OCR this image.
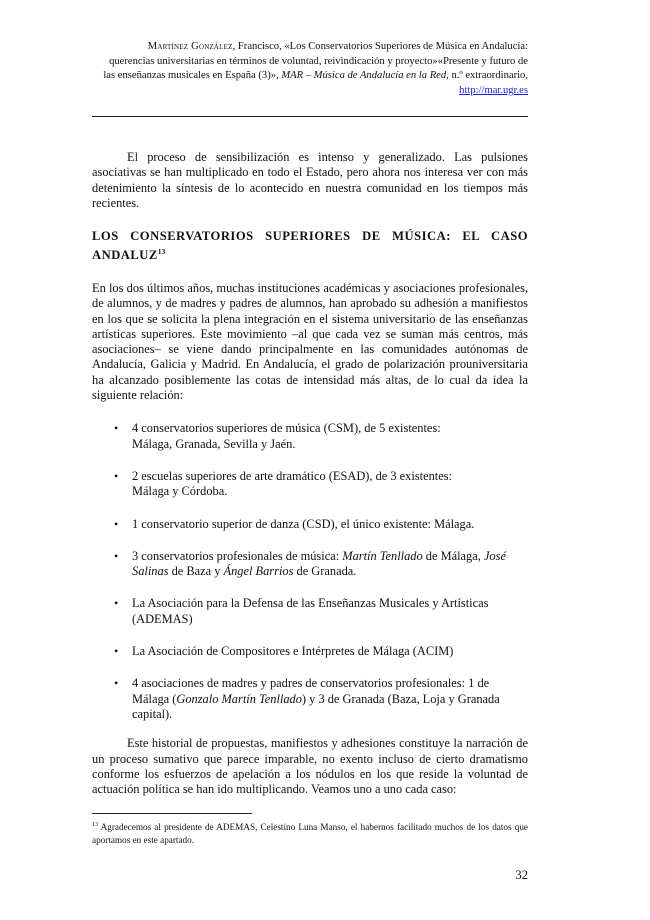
Martínez González, Francisco, «Los Conservatorios Superiores de Música en Andalucía:
querencias universitarias en términos de voluntad, reivindicación y proyecto»«Presente y futuro de
las enseñanzas musicales en España (3)», MAR – Música de Andalucía en la Red, n.º extraordinario,
http://mar.ugr.es

El proceso de sensibilización es intenso y generalizado. Las pulsiones asociativas se han multiplicado en todo el Estado, pero ahora nos interesa ver con más detenimiento la síntesis de lo acontecido en nuestra comunidad en los tiempos más recientes.

LOS CONSERVATORIOS SUPERIORES DE MÚSICA: EL CASO ANDALUZ$^{13}$

En los dos últimos años, muchas instituciones académicas y asociaciones profesionales, de alumnos, y de madres y padres de alumnos, han aprobado su adhesión a manifiestos en los que se solicita la plena integración en el sistema universitario de las enseñanzas artísticas superiores. Este movimiento –al que cada vez se suman más centros, más asociaciones– se viene dando principalmente en las comunidades autónomas de Andalucía, Galicia y Madrid. En Andalucía, el grado de polarización prouniversitaria ha alcanzado posiblemente las cotas de intensidad más altas, de lo cual da idea la siguiente relación:

• 4 conservatorios superiores de música (CSM), de 5 existentes:
Málaga, Granada, Sevilla y Jaén.
• 2 escuelas superiores de arte dramático (ESAD), de 3 existentes:
Málaga y Córdoba.
• 1 conservatorio superior de danza (CSD), el único existente: Málaga.
• 3 conservatorios profesionales de música: Martín Tenllado de Málaga, José Salinas de Baza y Ángel Barrios de Granada.
• La Asociación para la Defensa de las Enseñanzas Musicales y Artísticas (ADEMAS)
• La Asociación de Compositores e Intérpretes de Málaga (ACIM)
• 4 asociaciones de madres y padres de conservatorios profesionales: 1 de Málaga (Gonzalo Martín Tenllado) y 3 de Granada (Baza, Loja y Granada capital).

Este historial de propuestas, manifiestos y adhesiones constituye la narración de un proceso sumativo que parece imparable, no exento incluso de cierto dramatismo conforme los esfuerzos de apelación a los nódulos en los que reside la voluntad de actuación política se han ido multiplicando. Veamos uno a uno cada caso:

$^{13}$ Agradecemos al presidente de ADEMAS, Celestino Luna Manso, el habernos facilitado muchos de los datos que aportamos en este apartado.
32
